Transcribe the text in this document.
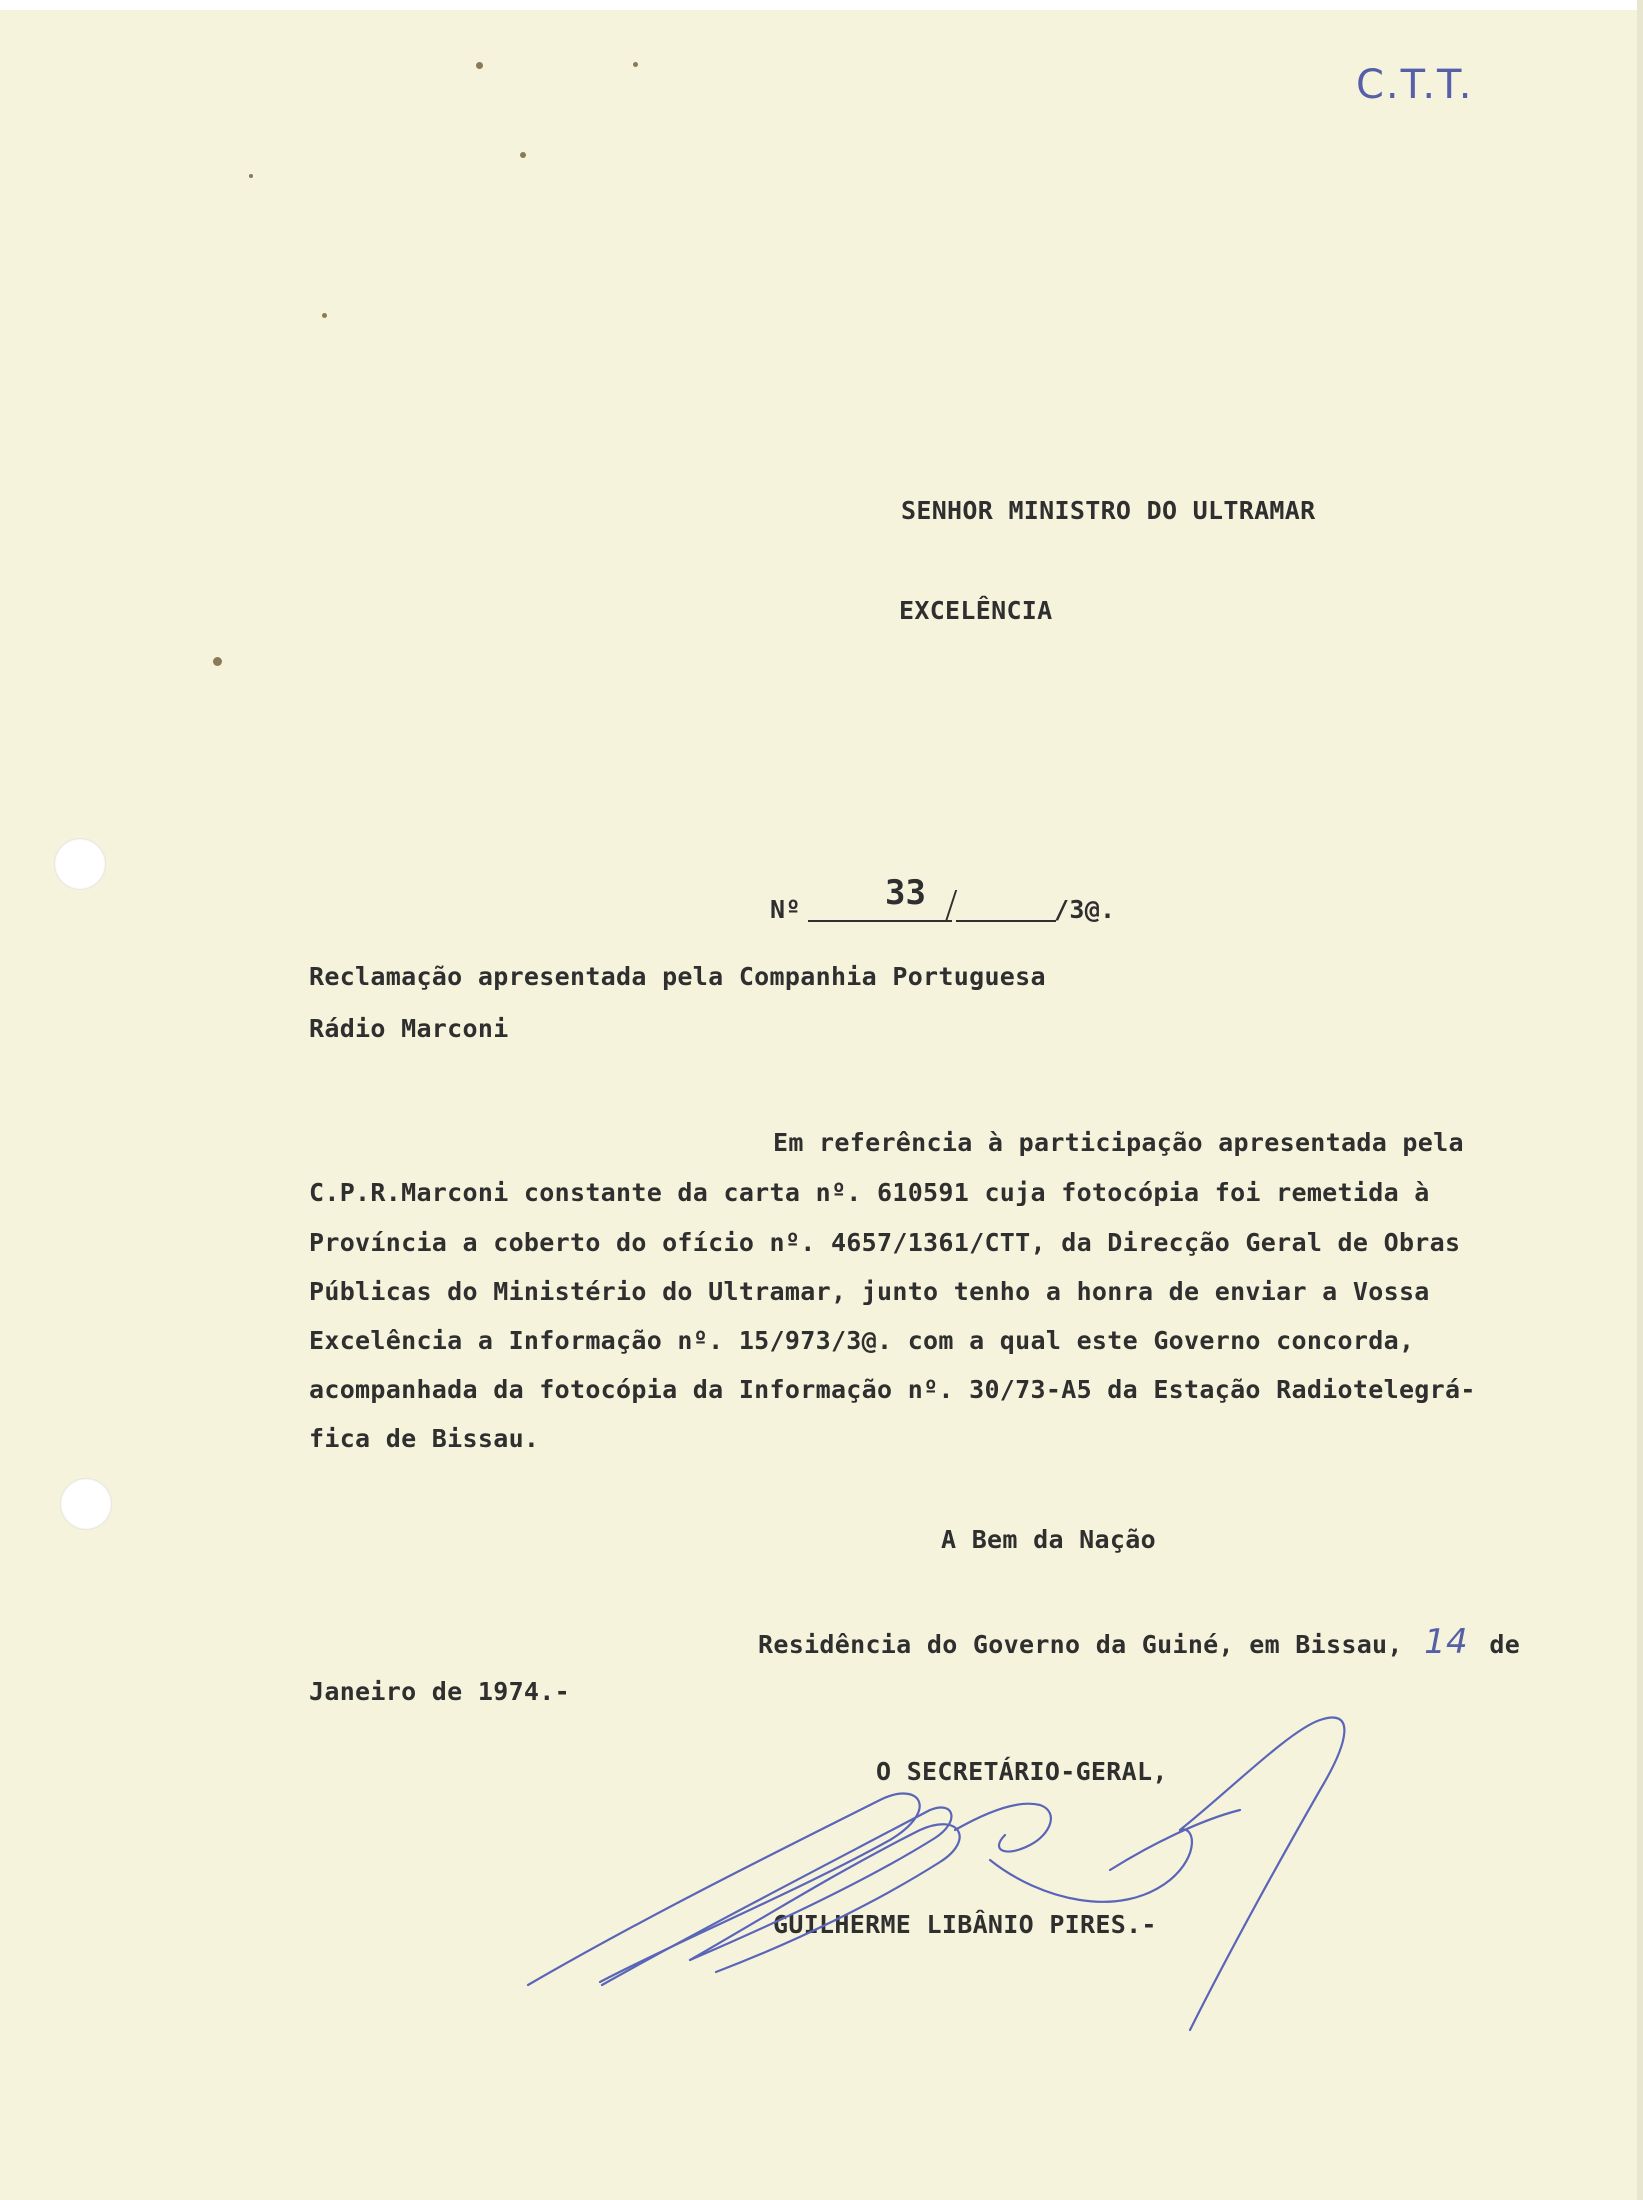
C.T.T.
SENHOR MINISTRO DO ULTRAMAR
EXCELÊNCIA
Nº 33	/3@.
Reclamação apresentada pela Companhia Portuguesa
Rádio Marconi
Em referência à participação apresentada pela
C.P.R.Marconi constante da carta nº. 610591 cuja fotocópia foi remetida à
Província a coberto do ofício nº. 4657/1361/CTT, da Direcção Geral de Obras
Públicas do Ministério do Ultramar, junto tenho a honra de enviar a Vossa
Excelência a Informação nº. 15/973/3@. com a qual este Governo concorda,
acompanhada da fotocópia da Informação nº. 30/73-A5 da Estação Radiotelegrá-
fica de Bissau.
A Bem da Nação
Residência do Governo da Guiné, em Bissau, 14 de
Janeiro de 1974.-
O SECRETÁRIO-GERAL,
GUILHERME LIBÂNIO PIRES.-
